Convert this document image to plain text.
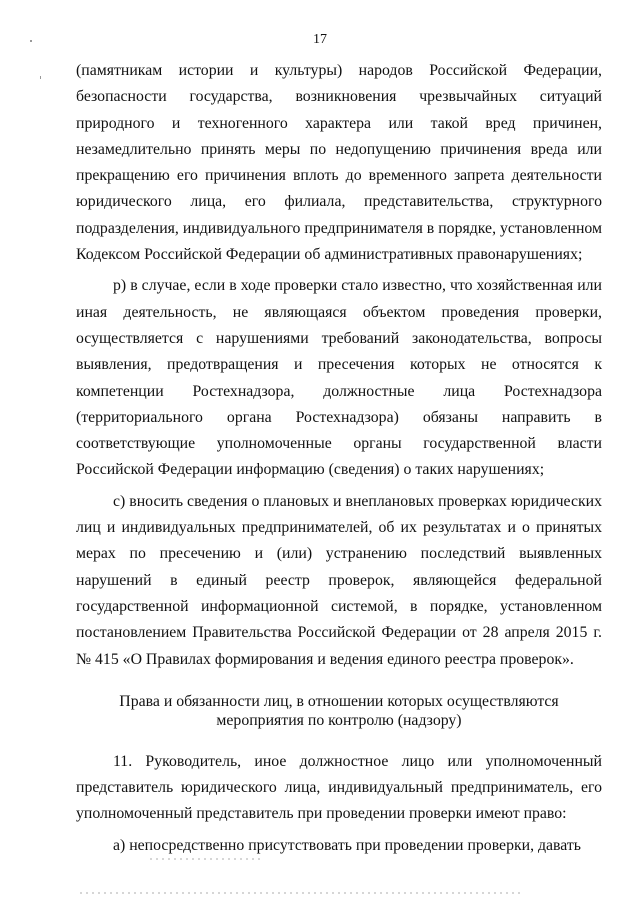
17

(памятникам истории и культуры) народов Российской Федерации, безопасности государства, возникновения чрезвычайных ситуаций природного и техногенного характера или такой вред причинен, незамедлительно принять меры по недопущению причинения вреда или прекращению его причинения вплоть до временного запрета деятельности юридического лица, его филиала, представительства, структурного подразделения, индивидуального предпринимателя в порядке, установленном Кодексом Российской Федерации об административных правонарушениях;

р) в случае, если в ходе проверки стало известно, что хозяйственная или иная деятельность, не являющаяся объектом проведения проверки, осуществляется с нарушениями требований законодательства, вопросы выявления, предотвращения и пресечения которых не относятся к компетенции Ростехнадзора, должностные лица Ростехнадзора (территориального органа Ростехнадзора) обязаны направить в соответствующие уполномоченные органы государственной власти Российской Федерации информацию (сведения) о таких нарушениях;

с) вносить сведения о плановых и внеплановых проверках юридических лиц и индивидуальных предпринимателей, об их результатах и о принятых мерах по пресечению и (или) устранению последствий выявленных нарушений в единый реестр проверок, являющейся федеральной государственной информационной системой, в порядке, установленном постановлением Правительства Российской Федерации от 28 апреля 2015 г. № 415 «О Правилах формирования и ведения единого реестра проверок».

Права и обязанности лиц, в отношении которых осуществляются мероприятия по контролю (надзору)

11. Руководитель, иное должностное лицо или уполномоченный представитель юридического лица, индивидуальный предприниматель, его уполномоченный представитель при проведении проверки имеют право:

а) непосредственно присутствовать при проведении проверки, давать
